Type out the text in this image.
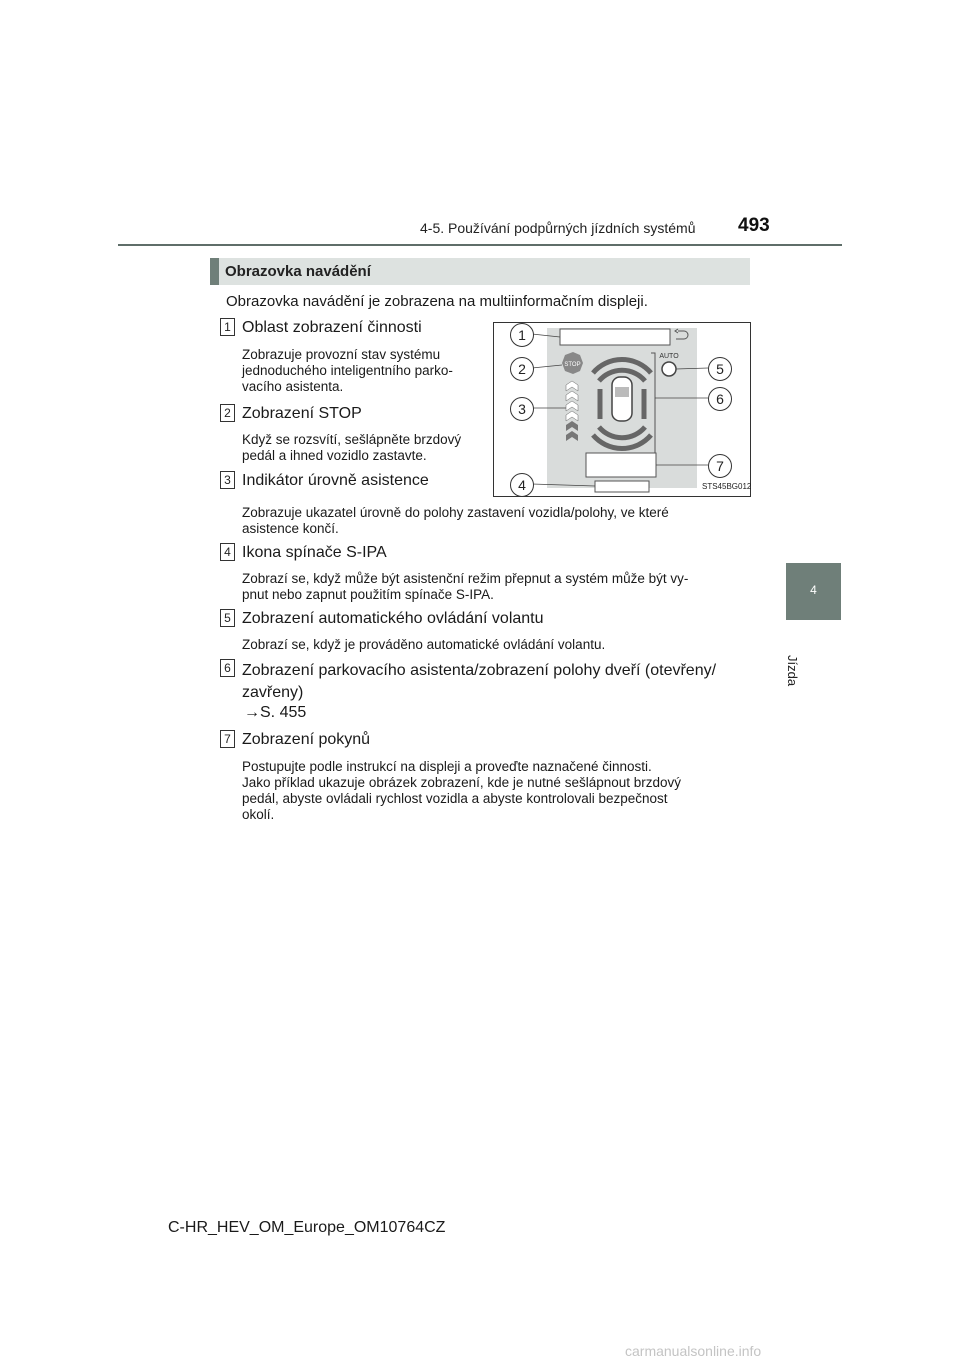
4-5. Používání podpůrných jízdních systémů 493
4
Jízda
Obrazovka navádění
Obrazovka navádění je zobrazena na multiinformačním displeji.
1 Oblast zobrazení činnosti
Zobrazuje provozní stav systému
jednoduchého inteligentního parko-
vacího asistenta.
2 Zobrazení STOP
Když se rozsvítí, sešlápněte brzdový
pedál a ihned vozidlo zastavte.
3 Indikátor úrovně asistence
Zobrazuje ukazatel úrovně do polohy zastavení vozidla/polohy, ve které
asistence končí.
4 Ikona spínače S-IPA
Zobrazí se, když může být asistenční režim přepnut a systém může být vy-
pnut nebo zapnut použitím spínače S-IPA.
5 Zobrazení automatického ovládání volantu
Zobrazí se, když je prováděno automatické ovládání volantu.
6 Zobrazení parkovacího asistenta/zobrazení polohy dveří (otevřeny/
zavřeny)
→S. 455
7 Zobrazení pokynů
Postupujte podle instrukcí na displeji a proveďte naznačené činnosti.
Jako příklad ukazuje obrázek zobrazení, kde je nutné sešlápnout brzdový
pedál, abyste ovládali rychlost vozidla a abyste kontrolovali bezpečnost
okolí.
STOP
AUTO
1
2
3
4
5
6
7
STS45BG012
C-HR_HEV_OM_Europe_OM10764CZ
carmanualsonline.info
